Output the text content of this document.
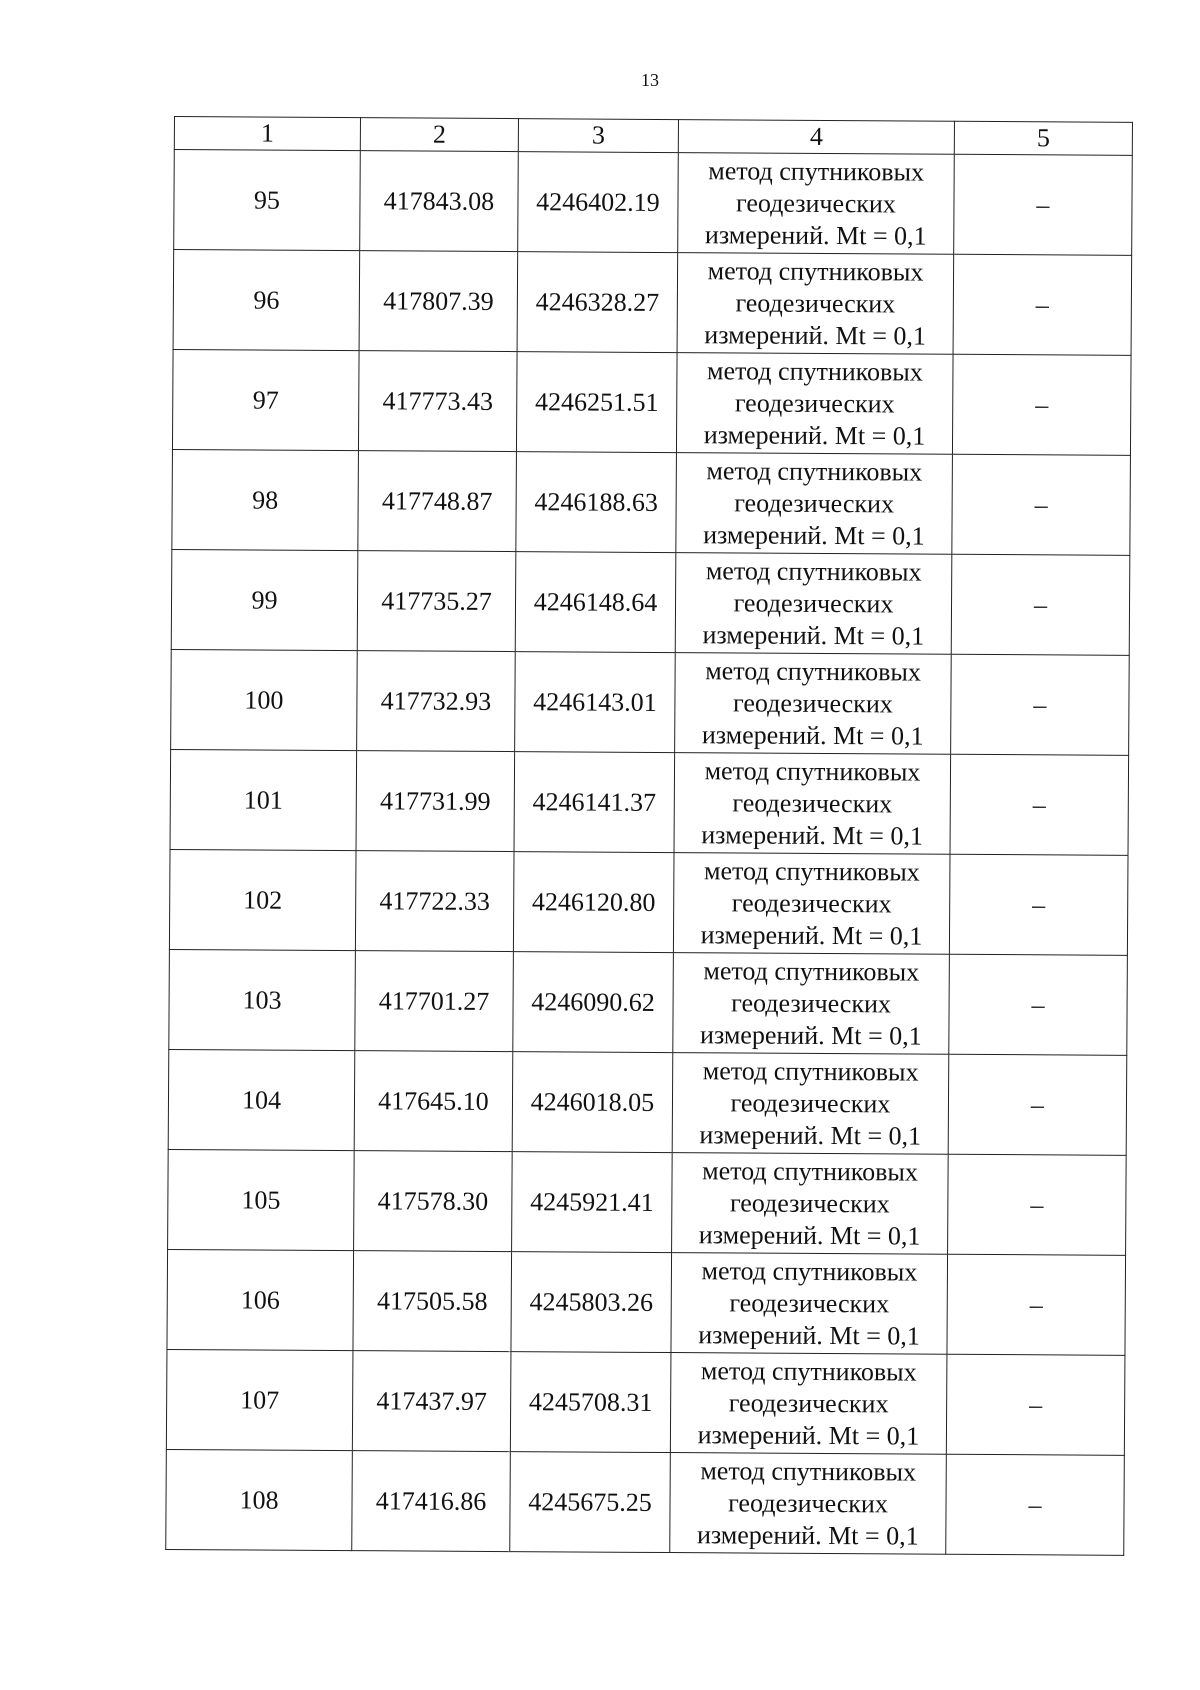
13
1	2	3	4	5
95	417843.08	4246402.19	метод спутниковых
геодезических
измерений. Mt = 0,1	–
96	417807.39	4246328.27	метод спутниковых
геодезических
измерений. Mt = 0,1	–
97	417773.43	4246251.51	метод спутниковых
геодезических
измерений. Mt = 0,1	–
98	417748.87	4246188.63	метод спутниковых
геодезических
измерений. Mt = 0,1	–
99	417735.27	4246148.64	метод спутниковых
геодезических
измерений. Mt = 0,1	–
100	417732.93	4246143.01	метод спутниковых
геодезических
измерений. Mt = 0,1	–
101	417731.99	4246141.37	метод спутниковых
геодезических
измерений. Mt = 0,1	–
102	417722.33	4246120.80	метод спутниковых
геодезических
измерений. Mt = 0,1	–
103	417701.27	4246090.62	метод спутниковых
геодезических
измерений. Mt = 0,1	–
104	417645.10	4246018.05	метод спутниковых
геодезических
измерений. Mt = 0,1	–
105	417578.30	4245921.41	метод спутниковых
геодезических
измерений. Mt = 0,1	–
106	417505.58	4245803.26	метод спутниковых
геодезических
измерений. Mt = 0,1	–
107	417437.97	4245708.31	метод спутниковых
геодезических
измерений. Mt = 0,1	–
108	417416.86	4245675.25	метод спутниковых
геодезических
измерений. Mt = 0,1	–
